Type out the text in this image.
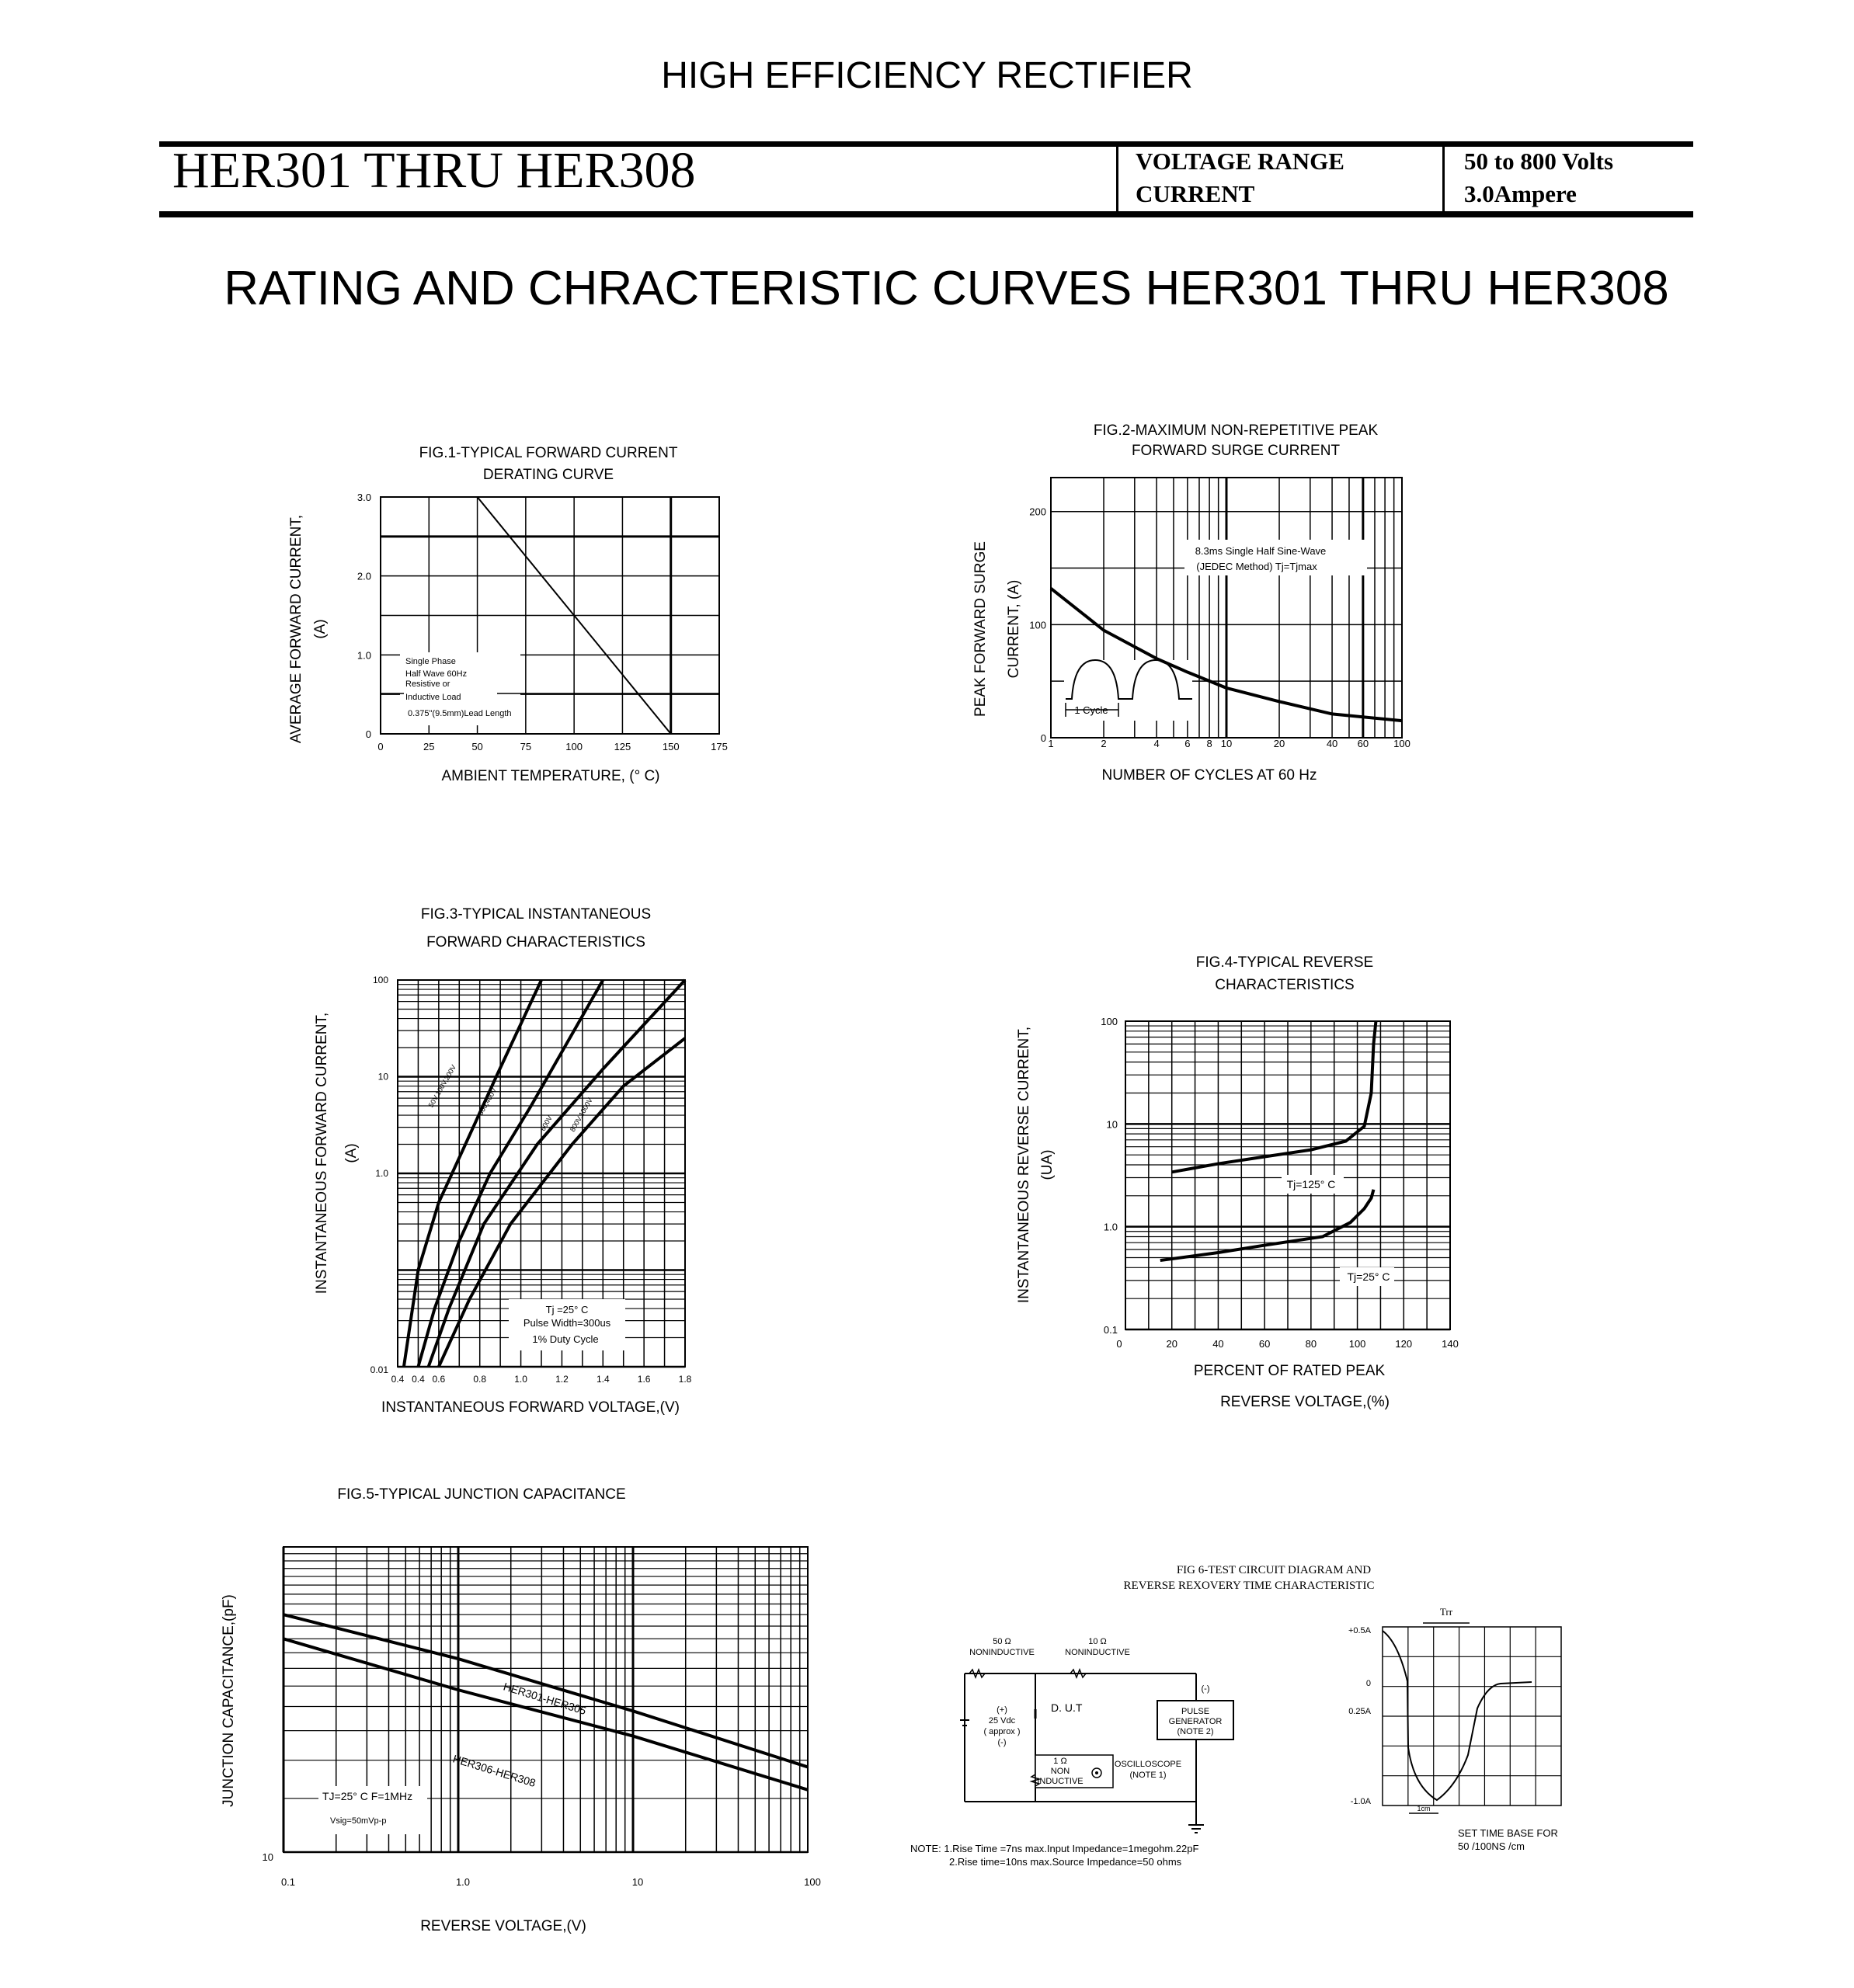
HIGH EFFICIENCY RECTIFIER
HER301 THRU HER308	VOLTAGE RANGE	50 to 800 Volts
CURRENT	3.0Ampere
RATING AND CHRACTERISTIC CURVES HER301 THRU HER308
0	25	50	75	100	125	150	175
0
1.0
2.0
3.0
Single Phase
Half Wave 60Hz
Resistive or
Inductive Load
0.375"(9.5mm)Lead Length
FIG.1-TYPICAL FORWARD CURRENT
DERATING CURVE
AMBIENT TEMPERATURE, (° C)
AVERAGE FORWARD CURRENT, (A)
1	2	4	6 8 10	20	40 60 100
0
100
200
8.3ms Single Half Sine-Wave
(JEDEC Method) Tj=Tjmax
1 Cycle
FIG.2-MAXIMUM NON-REPETITIVE PEAK
FORWARD SURGE CURRENT
NUMBER OF CYCLES AT 60 Hz
PEAK FORWARD SURGE CURRENT, (A)
0.4	0.6	0.8	1.0	1.2	1.4	1.6	1.8
0.4
0.01
1.0
10
100
Tj =25° C
Pulse Width=300us
1% Duty Cycle
50V,100V,200V	300,400V
600V 800V,1000V
FIG.3-TYPICAL INSTANTANEOUS
FORWARD CHARACTERISTICS
INSTANTANEOUS FORWARD VOLTAGE,(V)
INSTANTANEOUS FORWARD CURRENT, (A)
0	20	40	60	80	100	120	140
0.1
1.0
10
100
Tj=125° C
Tj=25° C
FIG.4-TYPICAL REVERSE
CHARACTERISTICS
PERCENT OF RATED PEAK
REVERSE VOLTAGE,(%)
INSTANTANEOUS REVERSE CURRENT, (UA)
0.1	1.0	10	100
10
TJ=25° C F=1MHz
Vsig=50mVp-p
HER301-HER305
HER306-HER308
FIG.5-TYPICAL JUNCTION CAPACITANCE
REVERSE VOLTAGE,(V)
JUNCTION CAPACITANCE,(pF)
FIG 6-TEST CIRCUIT DIAGRAM AND
REVERSE REXOVERY TIME CHARACTERISTIC
50 Ω
NONINDUCTIVE
10 Ω
NONINDUCTIVE
(+)
25 Vdc
( approx )
(-)
D. U.T
(-)
PULSE
GENERATOR
(NOTE 2)
1 Ω
NON
INDUCTIVE
OSCILLOSCOPE
(NOTE 1)
NOTE: 1.Rise Time =7ns max.Input Impedance=1megohm.22pF
2.Rise time=10ns max.Source Impedance=50 ohms
+0.5A
0
0.25A
-1.0A
Trr
1cm
SET TIME BASE FOR
50 /100NS /cm
